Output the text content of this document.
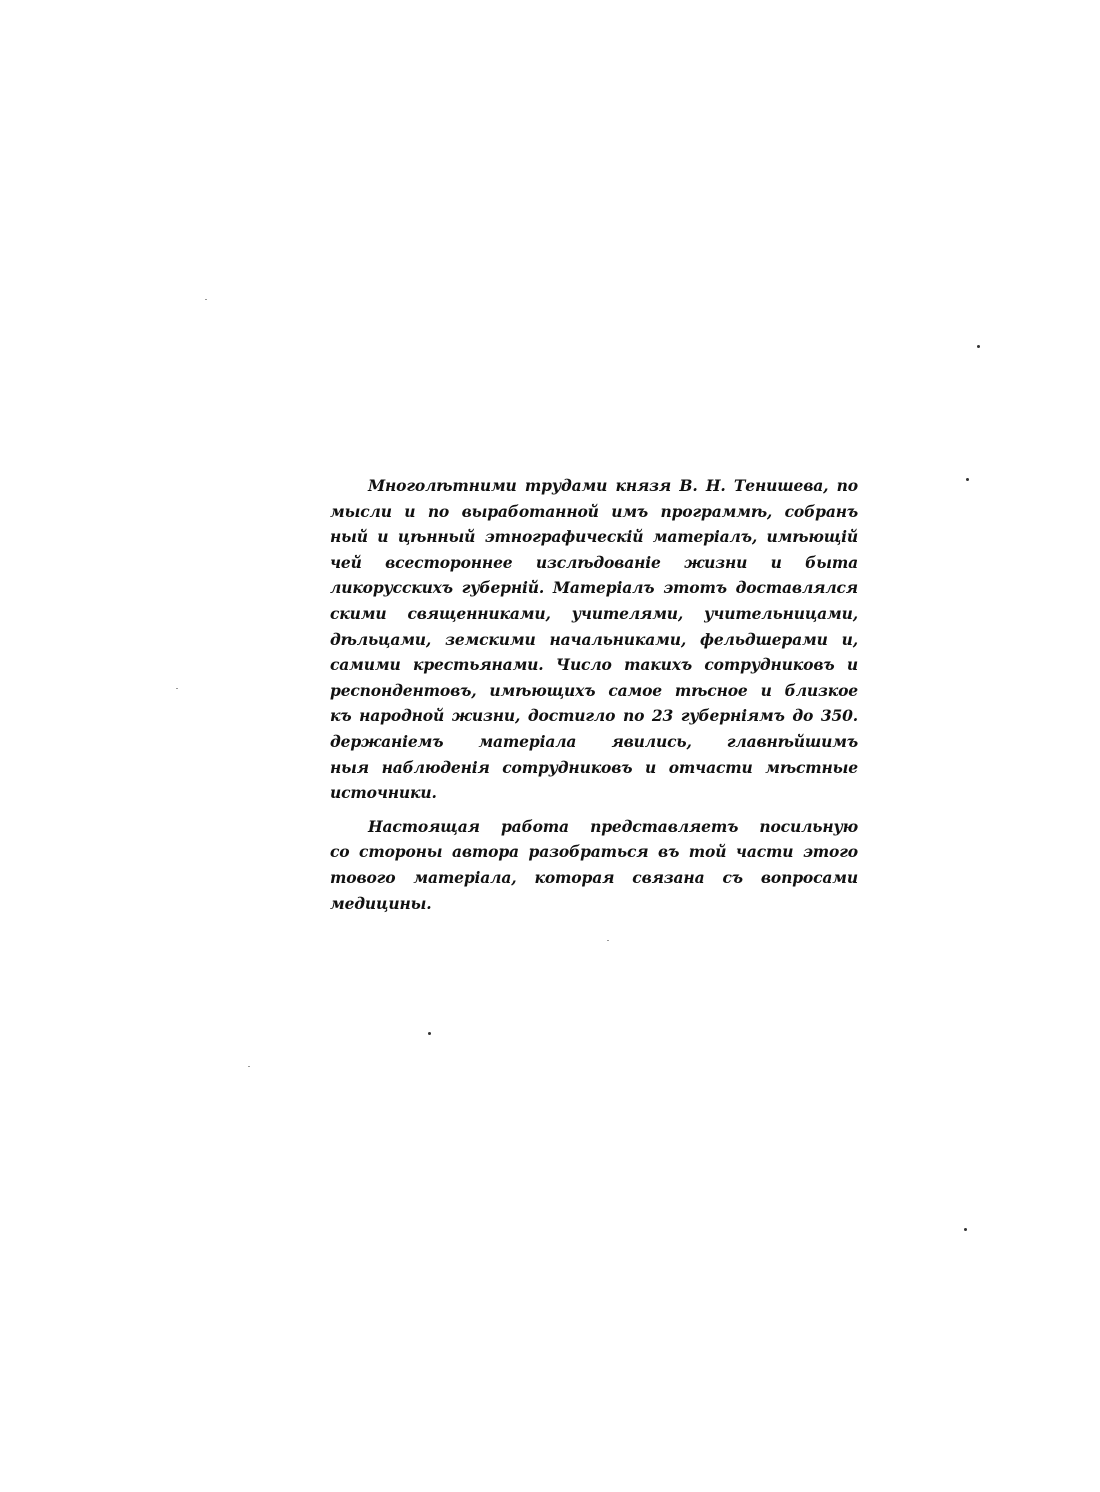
Многолѣтними трудами князя В. Н. Тенишева, по
мысли и по выработанной имъ программѣ, собранъ
ный и цѣнный этнографическій матеріалъ, имѣющій
чей всестороннее изслѣдованіе жизни и быта
ликорусскихъ губерній. Матеріалъ этотъ доставлялся
скими священниками, учителями, учительницами,
дѣльцами, земскими начальниками, фельдшерами и,
самими крестьянами. Число такихъ сотрудниковъ и
респондентовъ, имѣющихъ самое тѣсное и близкое
къ народной жизни, достигло по 23 губерніямъ до 350.
держаніемъ матеріала явились, главнѣйшимъ
ныя наблюденія сотрудниковъ и отчасти мѣстные
источники.
Настоящая работа представляетъ посильную
со стороны автора разобраться въ той части этого
тового матеріала, которая связана съ вопросами
медицины.
